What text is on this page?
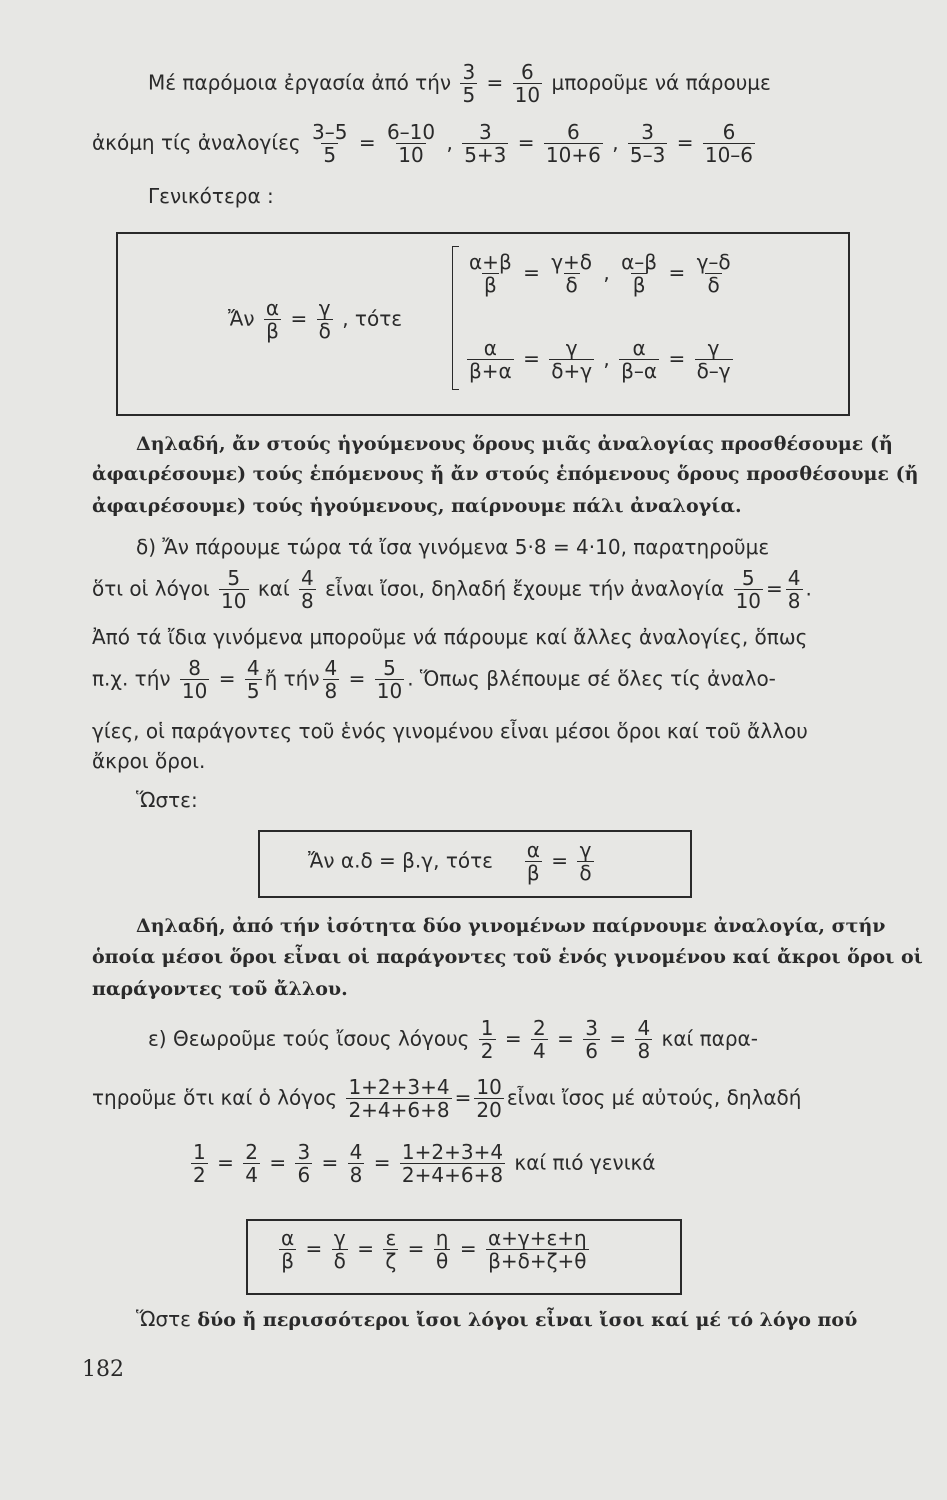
Μέ παρόμοια ἐργασία ἀπό τήν $\frac{3}{5} = \frac{6}{10}$ μποροῦμε νά πάρουμε
ἀκόμη τίς ἀναλογίες $\frac{3-5}{5} = \frac{6-10}{10}$ , $\frac{3}{5+3} = \frac{6}{10+6}$ , $\frac{3}{5-3} = \frac{6}{10-6}$
Γενικότερα :
Ἄν $\frac{\alpha}{\beta} = \frac{\gamma}{\delta}$ , τότε
$\frac{\alpha+\beta}{\beta} = \frac{\gamma+\delta}{\delta}$ , $\frac{\alpha-\beta}{\beta} = \frac{\gamma-\delta}{\delta}$
$\frac{\alpha}{\beta+\alpha} = \frac{\gamma}{\delta+\gamma}$ , $\frac{\alpha}{\beta-\alpha} = \frac{\gamma}{\delta-\gamma}$
Δηλαδή, ἄν στούς ἡγούμενους ὅρους μιᾶς ἀναλογίας προσθέσουμε (ἤ
ἀφαιρέσουμε) τούς ἑπόμενους ἤ ἄν στούς ἑπόμενους ὅρους προσθέσουμε (ἤ
ἀφαιρέσουμε) τούς ἡγούμενους, παίρνουμε πάλι ἀναλογία.
δ) Ἄν πάρουμε τώρα τά ἴσα γινόμενα 5·8 = 4·10, παρατηροῦμε
ὅτι οἱ λόγοι $\frac{5}{10}$ καί $\frac{4}{8}$ εἶναι ἴσοι, δηλαδή ἔχουμε τήν ἀναλογία $\frac{5}{10} = \frac{4}{8}$ .
Ἀπό τά ἴδια γινόμενα μποροῦμε νά πάρουμε καί ἄλλες ἀναλογίες, ὅπως
π.χ. τήν $\frac{8}{10} = \frac{4}{5}$ ἤ τήν $\frac{4}{8} = \frac{5}{10}$ . Ὅπως βλέπουμε σέ ὅλες τίς ἀναλο-
γίες, οἱ παράγοντες τοῦ ἑνός γινομένου εἶναι μέσοι ὅροι καί τοῦ ἄλλου
ἄκροι ὅροι.
Ὥστε:
Ἄν α.δ = β.γ, τότε $\frac{\alpha}{\beta} = \frac{\gamma}{\delta}$
Δηλαδή, ἀπό τήν ἰσότητα δύο γινομένων παίρνουμε ἀναλογία, στήν
ὁποία μέσοι ὅροι εἶναι οἱ παράγοντες τοῦ ἑνός γινομένου καί ἄκροι ὅροι οἱ
παράγοντες τοῦ ἄλλου.
ε) Θεωροῦμε τούς ἴσους λόγους $\frac{1}{2} = \frac{2}{4} = \frac{3}{6} = \frac{4}{8}$ καί παρα-
τηροῦμε ὅτι καί ὁ λόγος $\frac{1+2+3+4}{2+4+6+8} = \frac{10}{20}$ εἶναι ἴσος μέ αὐτούς, δηλαδή
$\frac{1}{2} = \frac{2}{4} = \frac{3}{6} = \frac{4}{8} = \frac{1+2+3+4}{2+4+6+8}$ καί πιό γενικά
$\frac{\alpha}{\beta} = \frac{\gamma}{\delta} = \frac{\varepsilon}{\zeta} = \frac{\eta}{\theta} = \frac{\alpha+\gamma+\varepsilon+\eta}{\beta+\delta+\zeta+\theta}$
Ὥστε δύο ἤ περισσότεροι ἴσοι λόγοι εἶναι ἴσοι καί μέ τό λόγο πού
182
